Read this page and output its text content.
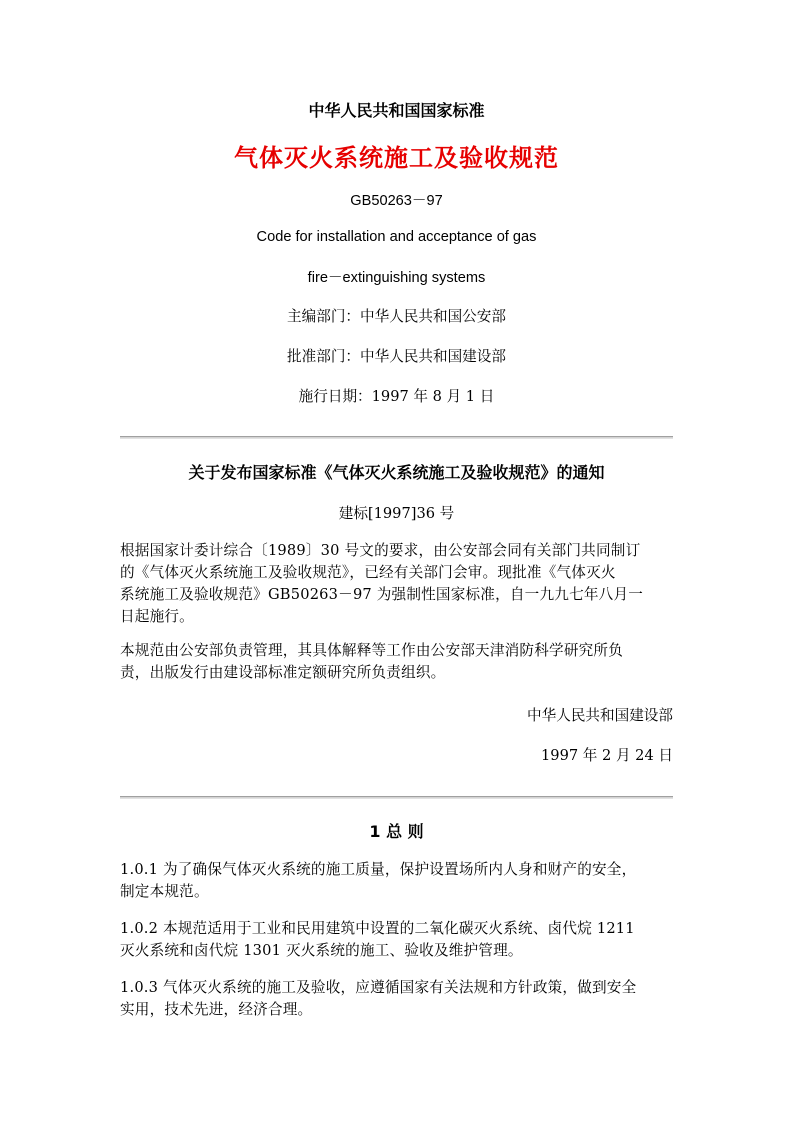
中华人民共和国国家标准
气体灭火系统施工及验收规范
GB50263－97
Code for installation and acceptance of gas
fire－extinguishing systems
主编部门：中华人民共和国公安部
批准部门：中华人民共和国建设部
施行日期：1997 年 8 月 1 日
关于发布国家标准《气体灭火系统施工及验收规范》的通知
建标[1997]36 号
根据国家计委计综合〔1989〕30 号文的要求，由公安部会同有关部门共同制订
的《气体灭火系统施工及验收规范》，已经有关部门会审。现批准《气体灭火
系统施工及验收规范》GB50263－97 为强制性国家标准，自一九九七年八月一
日起施行。
本规范由公安部负责管理，其具体解释等工作由公安部天津消防科学研究所负
责，出版发行由建设部标准定额研究所负责组织。
中华人民共和国建设部
1997 年 2 月 24 日
1 总 则
1.0.1 为了确保气体灭火系统的施工质量，保护设置场所内人身和财产的安全，
制定本规范。
1.0.2 本规范适用于工业和民用建筑中设置的二氧化碳灭火系统、卤代烷 1211
灭火系统和卤代烷 1301 灭火系统的施工、验收及维护管理。
1.0.3 气体灭火系统的施工及验收，应遵循国家有关法规和方针政策，做到安全
实用，技术先进，经济合理。
